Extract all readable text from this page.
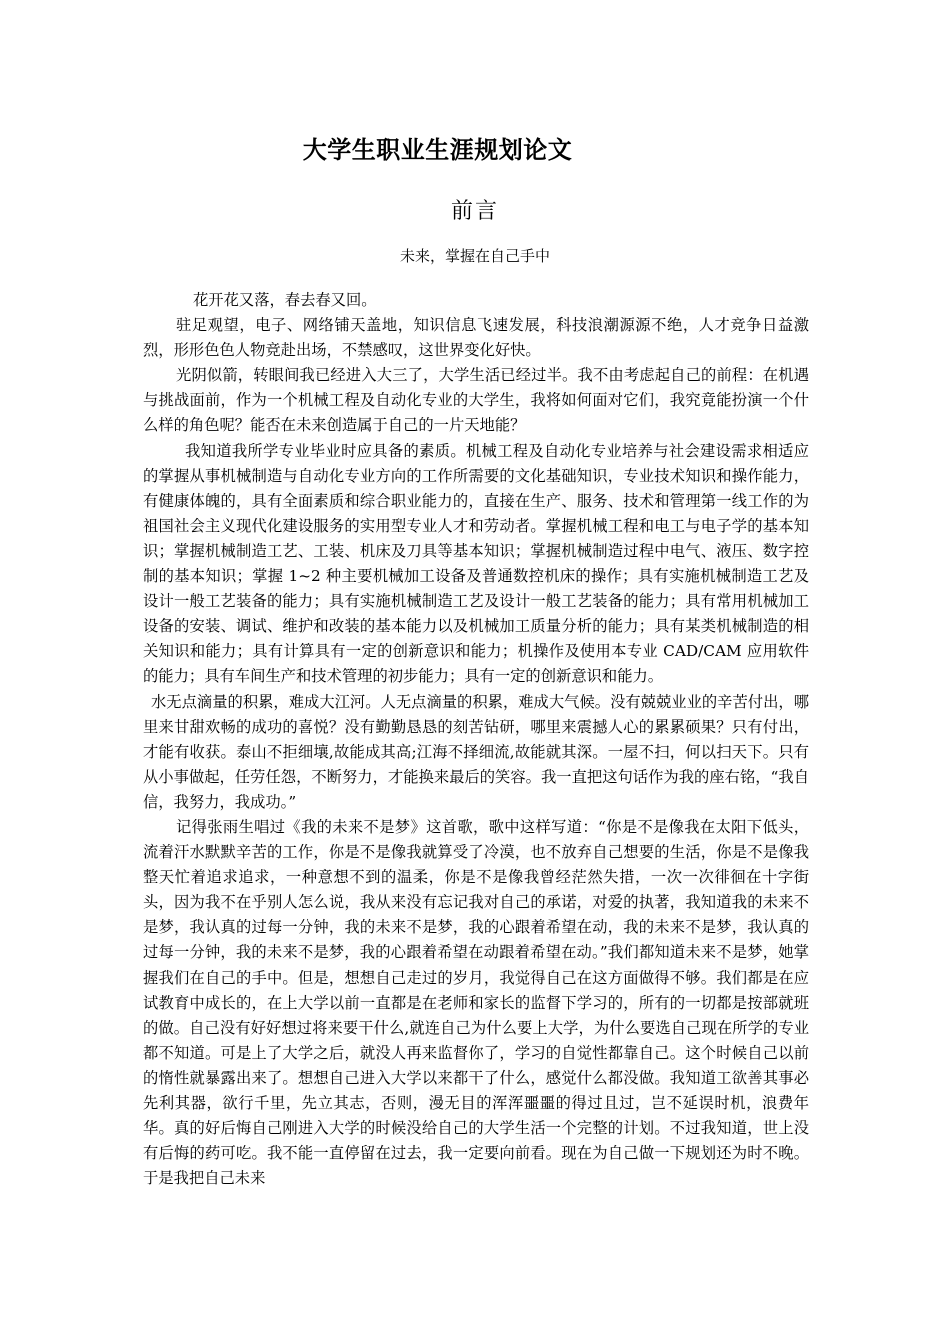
大学生职业生涯规划论文
前言
未来，掌握在自己手中

花开花又落，春去春又回。

驻足观望，电子、网络铺天盖地，知识信息飞速发展，科技浪潮源源不绝，人才竞争日益激烈，形形色色人物竞赴出场，不禁感叹，这世界变化好快。

光阴似箭，转眼间我已经进入大三了，大学生活已经过半。我不由考虑起自己的前程：在机遇与挑战面前，作为一个机械工程及自动化专业的大学生，我将如何面对它们，我究竟能扮演一个什么样的角色呢？能否在未来创造属于自己的一片天地能？

我知道我所学专业毕业时应具备的素质。机械工程及自动化专业培养与社会建设需求相适应的掌握从事机械制造与自动化专业方向的工作所需要的文化基础知识，专业技术知识和操作能力，有健康体魄的，具有全面素质和综合职业能力的，直接在生产、服务、技术和管理第一线工作的为祖国社会主义现代化建设服务的实用型专业人才和劳动者。掌握机械工程和电工与电子学的基本知识；掌握机械制造工艺、工装、机床及刀具等基本知识；掌握机械制造过程中电气、液压、数字控制的基本知识；掌握 1~2 种主要机械加工设备及普通数控机床的操作；具有实施机械制造工艺及设计一般工艺装备的能力；具有实施机械制造工艺及设计一般工艺装备的能力；具有常用机械加工设备的安装、调试、维护和改装的基本能力以及机械加工质量分析的能力；具有某类机械制造的相关知识和能力；具有计算具有一定的创新意识和能力；机操作及使用本专业 CAD/CAM 应用软件的能力；具有车间生产和技术管理的初步能力；具有一定的创新意识和能力。

水无点滴量的积累，难成大江河。人无点滴量的积累，难成大气候。没有兢兢业业的辛苦付出，哪里来甘甜欢畅的成功的喜悦？没有勤勤恳恳的刻苦钻研，哪里来震撼人心的累累硕果？只有付出，才能有收获。泰山不拒细壤,故能成其高;江海不择细流,故能就其深。一屋不扫，何以扫天下。只有从小事做起，任劳任怨，不断努力，才能换来最后的笑容。我一直把这句话作为我的座右铭，“我自信，我努力，我成功。”

记得张雨生唱过《我的未来不是梦》这首歌，歌中这样写道：“你是不是像我在太阳下低头，流着汗水默默辛苦的工作，你是不是像我就算受了冷漠，也不放弃自己想要的生活，你是不是像我整天忙着追求追求，一种意想不到的温柔，你是不是像我曾经茫然失措，一次一次徘徊在十字街头，因为我不在乎别人怎么说，我从来没有忘记我对自己的承诺，对爱的执著，我知道我的未来不是梦，我认真的过每一分钟，我的未来不是梦，我的心跟着希望在动，我的未来不是梦，我认真的过每一分钟，我的未来不是梦，我的心跟着希望在动跟着希望在动。”我们都知道未来不是梦，她掌握我们在自己的手中。但是，想想自己走过的岁月，我觉得自己在这方面做得不够。我们都是在应试教育中成长的，在上大学以前一直都是在老师和家长的监督下学习的，所有的一切都是按部就班的做。自己没有好好想过将来要干什么,就连自己为什么要上大学，为什么要选自己现在所学的专业都不知道。可是上了大学之后，就没人再来监督你了，学习的自觉性都靠自己。这个时候自己以前的惰性就暴露出来了。想想自己进入大学以来都干了什么，感觉什么都没做。我知道工欲善其事必先利其器，欲行千里，先立其志，否则，漫无目的浑浑噩噩的得过且过，岂不延误时机，浪费年华。真的好后悔自己刚进入大学的时候没给自己的大学生活一个完整的计划。不过我知道，世上没有后悔的药可吃。我不能一直停留在过去，我一定要向前看。现在为自己做一下规划还为时不晚。于是我把自己未来
